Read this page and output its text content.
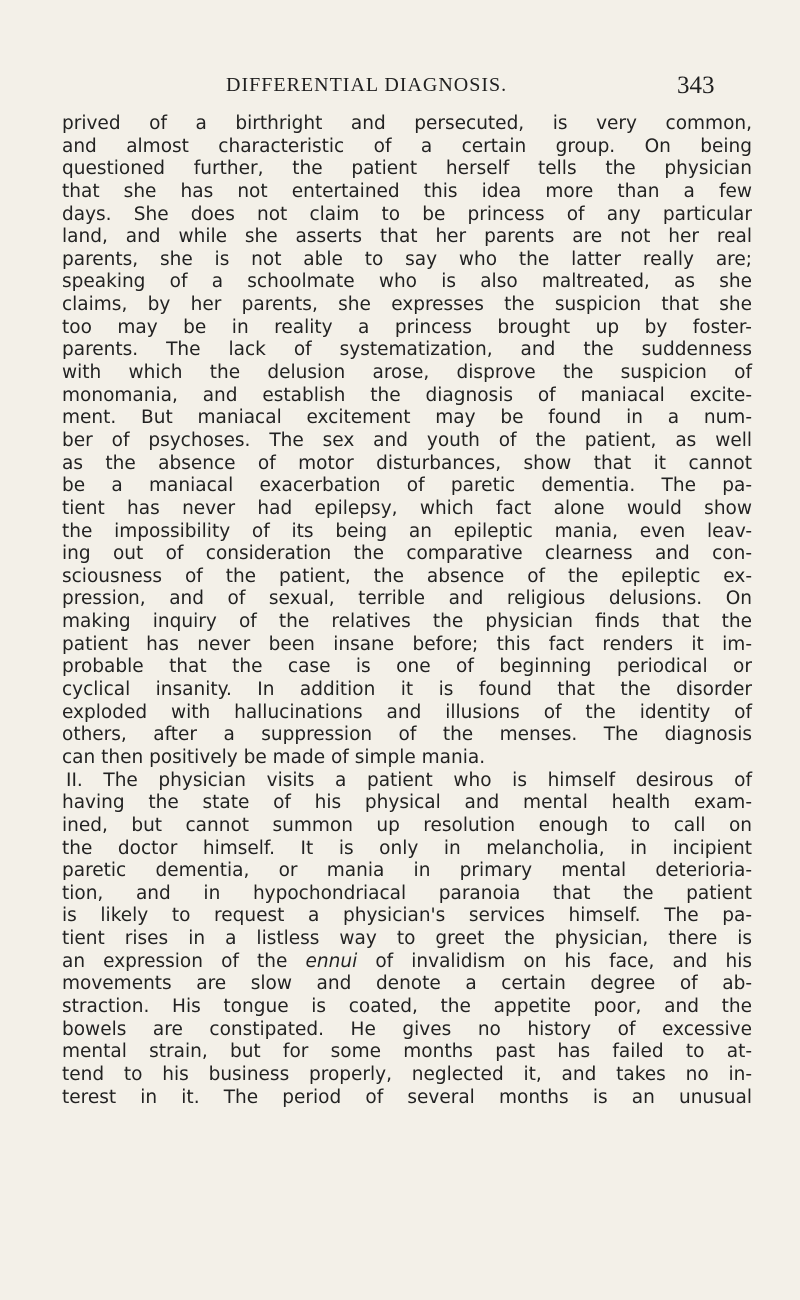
DIFFERENTIAL DIAGNOSIS.	343
prived of a birthright and persecuted, is very common,
and almost characteristic of a certain group. On being
questioned further, the patient herself tells the physician
that she has not entertained this idea more than a few
days. She does not claim to be princess of any particular
land, and while she asserts that her parents are not her real
parents, she is not able to say who the latter really are;
speaking of a schoolmate who is also maltreated, as she
claims, by her parents, she expresses the suspicion that she
too may be in reality a princess brought up by foster-
parents. The lack of systematization, and the suddenness
with which the delusion arose, disprove the suspicion of
monomania, and establish the diagnosis of maniacal excite-
ment. But maniacal excitement may be found in a num-
ber of psychoses. The sex and youth of the patient, as well
as the absence of motor disturbances, show that it cannot
be a maniacal exacerbation of paretic dementia. The pa-
tient has never had epilepsy, which fact alone would show
the impossibility of its being an epileptic mania, even leav-
ing out of consideration the comparative clearness and con-
sciousness of the patient, the absence of the epileptic ex-
pression, and of sexual, terrible and religious delusions. On
making inquiry of the relatives the physician finds that the
patient has never been insane before; this fact renders it im-
probable that the case is one of beginning periodical or
cyclical insanity. In addition it is found that the disorder
exploded with hallucinations and illusions of the identity of
others, after a suppression of the menses. The diagnosis
can then positively be made of simple mania.
II. The physician visits a patient who is himself desirous of
having the state of his physical and mental health exam-
ined, but cannot summon up resolution enough to call on
the doctor himself. It is only in melancholia, in incipient
paretic dementia, or mania in primary mental deterioria-
tion, and in hypochondriacal paranoia that the patient
is likely to request a physician's services himself. The pa-
tient rises in a listless way to greet the physician, there is
an expression of the ennui of invalidism on his face, and his
movements are slow and denote a certain degree of ab-
straction. His tongue is coated, the appetite poor, and the
bowels are constipated. He gives no history of excessive
mental strain, but for some months past has failed to at-
tend to his business properly, neglected it, and takes no in-
terest in it. The period of several months is an unusual
